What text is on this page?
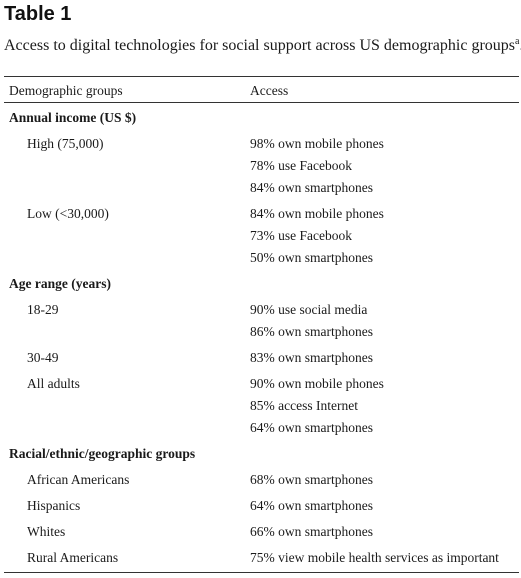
Table 1
Access to digital technologies for social support across US demographic groups$^a$
Demographic groups	Access
Annual income (US $)
High (75,000)	98% own mobile phones
78% use Facebook
84% own smartphones
Low (<30,000)	84% own mobile phones
73% use Facebook
50% own smartphones
Age range (years)
18-29	90% use social media
86% own smartphones
30-49	83% own smartphones
All adults	90% own mobile phones
85% access Internet
64% own smartphones
Racial/ethnic/geographic groups
African Americans	68% own smartphones
Hispanics	64% own smartphones
Whites	66% own smartphones
Rural Americans	75% view mobile health services as important
